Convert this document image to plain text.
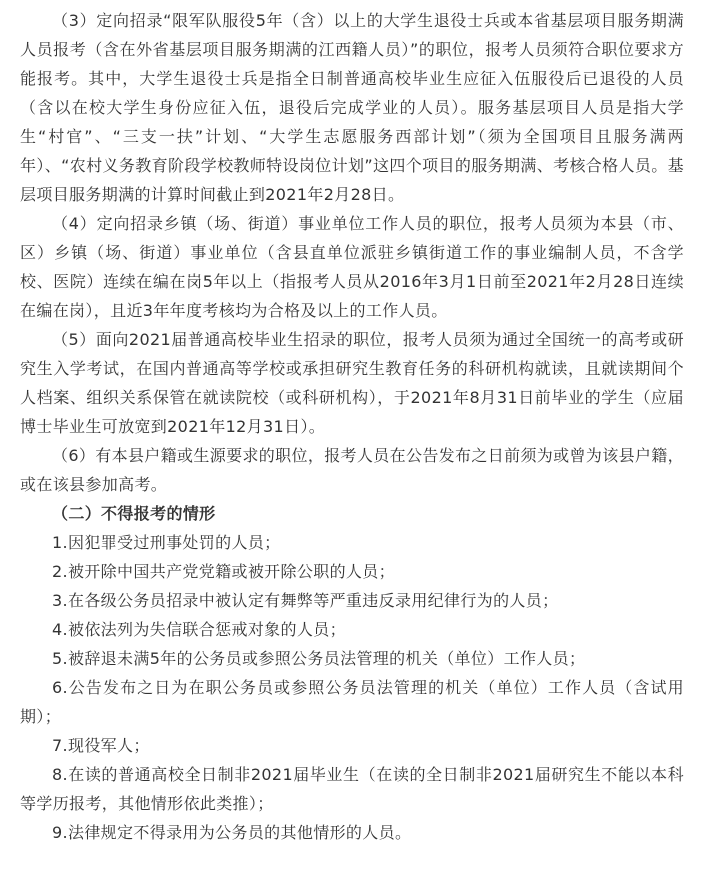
（3）定向招录“限军队服役5年（含）以上的大学生退役士兵或本省基层项目服务期满人员报考（含在外省基层项目服务期满的江西籍人员）”的职位，报考人员须符合职位要求方能报考。其中，大学生退役士兵是指全日制普通高校毕业生应征入伍服役后已退役的人员（含以在校大学生身份应征入伍，退役后完成学业的人员）。服务基层项目人员是指大学生“村官”、“三支一扶”计划、“大学生志愿服务西部计划”（须为全国项目且服务满两年）、“农村义务教育阶段学校教师特设岗位计划”这四个项目的服务期满、考核合格人员。基层项目服务期满的计算时间截止到2021年2月28日。

（4）定向招录乡镇（场、街道）事业单位工作人员的职位，报考人员须为本县（市、区）乡镇（场、街道）事业单位（含县直单位派驻乡镇街道工作的事业编制人员，不含学校、医院）连续在编在岗5年以上（指报考人员从2016年3月1日前至2021年2月28日连续在编在岗），且近3年年度考核均为合格及以上的工作人员。

（5）面向2021届普通高校毕业生招录的职位，报考人员须为通过全国统一的高考或研究生入学考试，在国内普通高等学校或承担研究生教育任务的科研机构就读，且就读期间个人档案、组织关系保管在就读院校（或科研机构），于2021年8月31日前毕业的学生（应届博士毕业生可放宽到2021年12月31日）。

（6）有本县户籍或生源要求的职位，报考人员在公告发布之日前须为或曾为该县户籍，或在该县参加高考。

（二）不得报考的情形

1.因犯罪受过刑事处罚的人员；

2.被开除中国共产党党籍或被开除公职的人员；

3.在各级公务员招录中被认定有舞弊等严重违反录用纪律行为的人员；

4.被依法列为失信联合惩戒对象的人员；

5.被辞退未满5年的公务员或参照公务员法管理的机关（单位）工作人员；

6.公告发布之日为在职公务员或参照公务员法管理的机关（单位）工作人员（含试用期）；

7.现役军人；

8.在读的普通高校全日制非2021届毕业生（在读的全日制非2021届研究生不能以本科等学历报考，其他情形依此类推）；

9.法律规定不得录用为公务员的其他情形的人员。
